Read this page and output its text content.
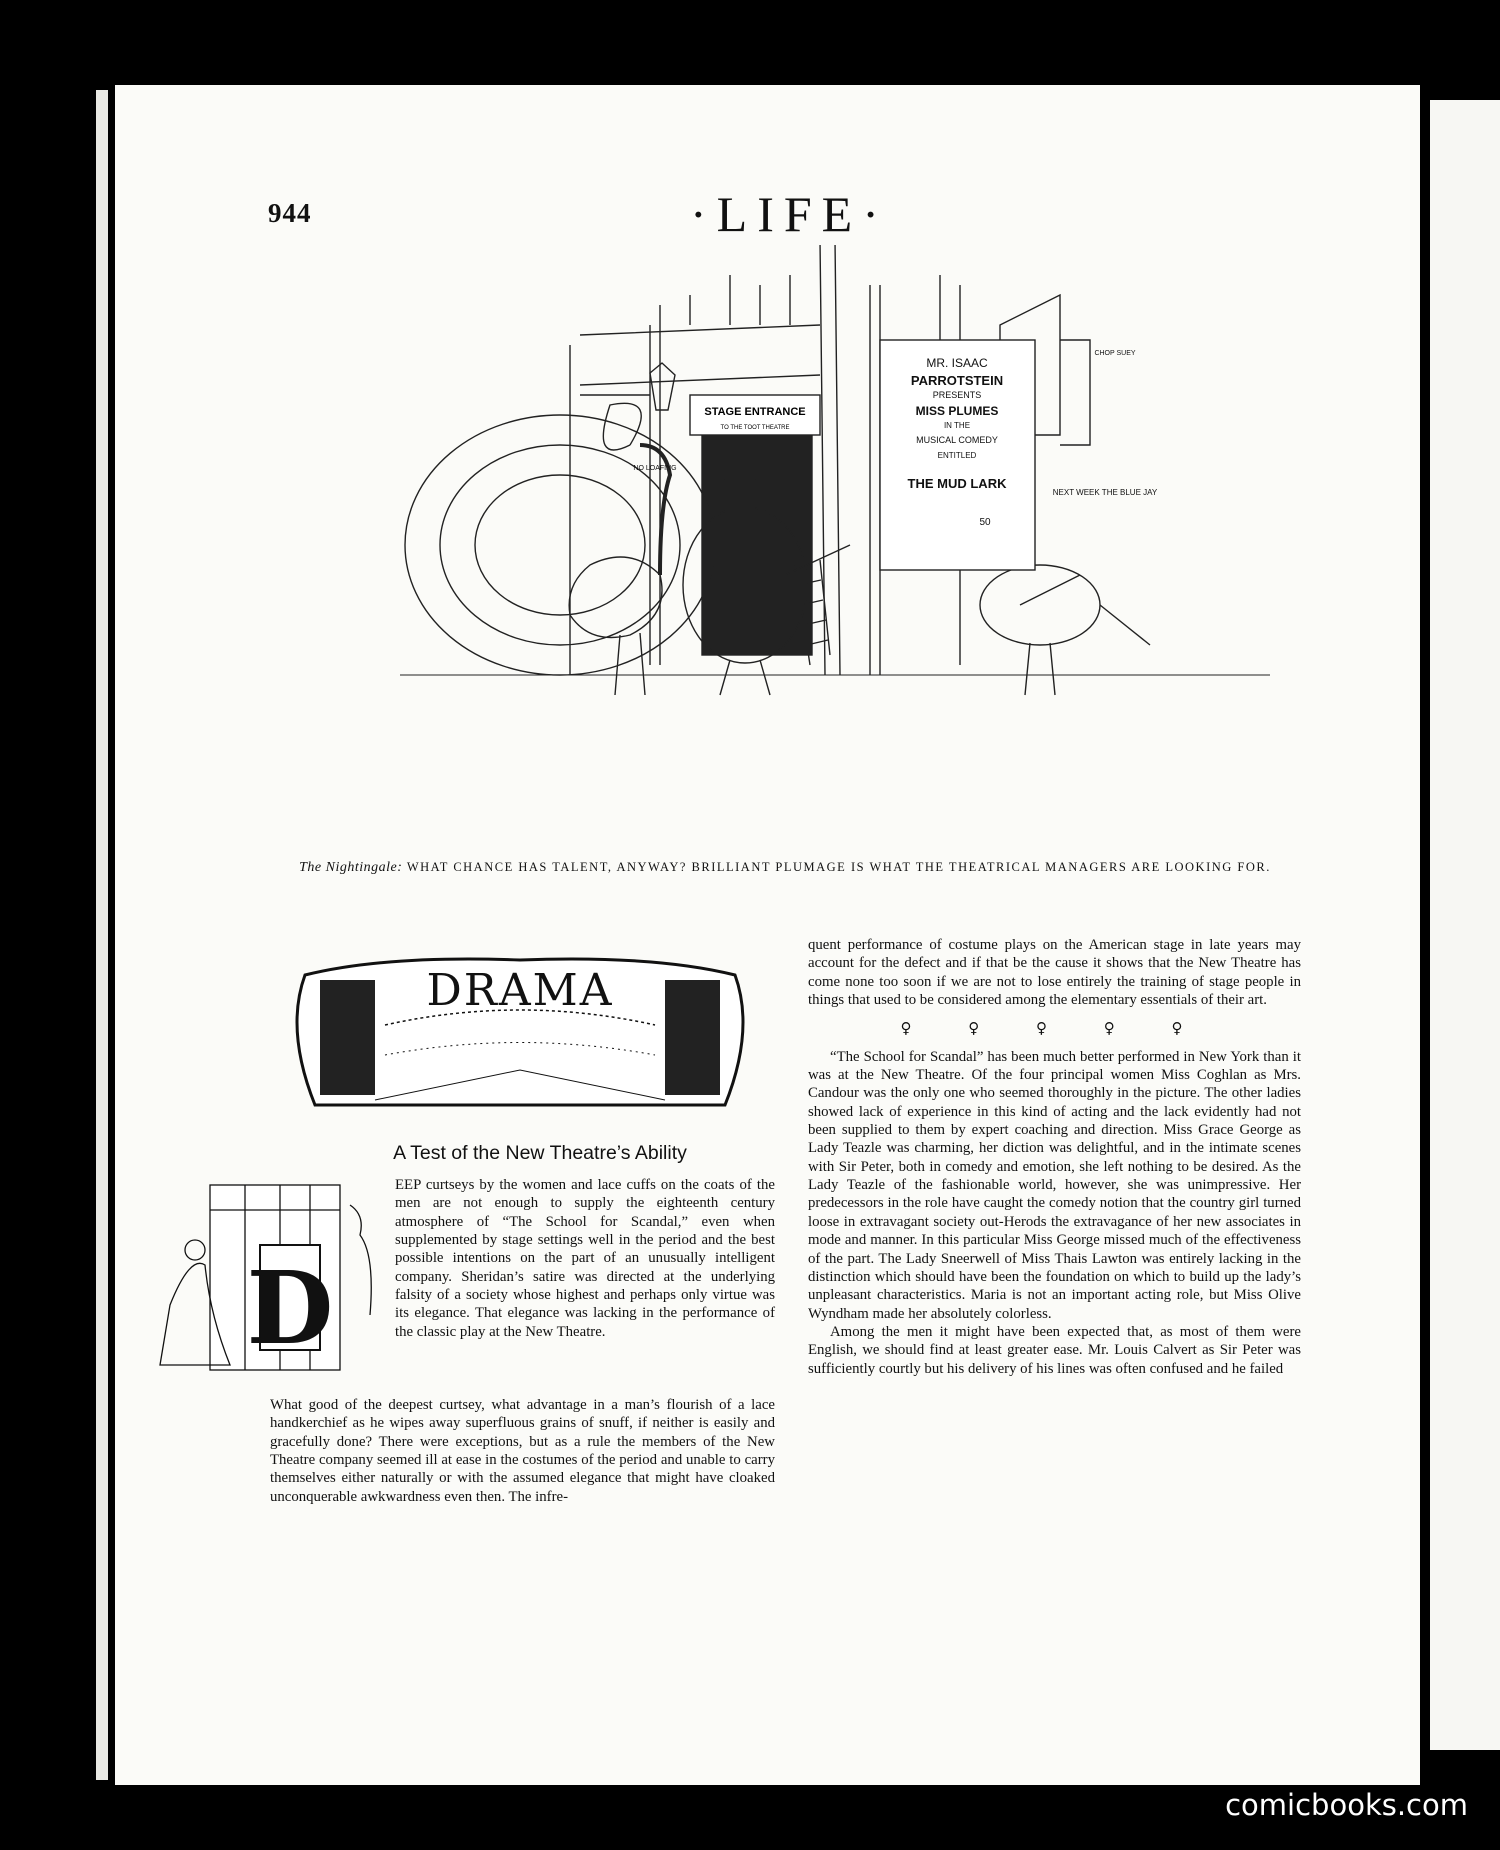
944	·LIFE·
STAGE ENTRANCE
TO THE TOOT THEATRE
MR. ISAAC
PARROTSTEIN
PRESENTS
MISS PLUMES
IN THE
MUSICAL COMEDY
ENTITLED
THE MUD LARK
50
NEXT WEEK THE BLUE JAY
NO LOAFING
CHOP SUEY
The Nightingale: WHAT CHANCE HAS TALENT, ANYWAY? BRILLIANT PLUMAGE IS WHAT THE THEATRICAL MANAGERS ARE LOOKING FOR.
DRAMA
A Test of the New Theatre’s Ability
D

EEP curtseys by the women and lace cuffs on the coats of the men are not enough to supply the eighteenth century atmosphere of “The School for Scandal,” even when supplemented by stage settings well in the period and the best possible intentions on the part of an unusually intelligent company. Sheridan’s satire was directed at the underlying falsity of a society whose highest and perhaps only virtue was its elegance. That elegance was lacking in the performance of the classic play at the New Theatre.

What good of the deepest curtsey, what advantage in a man’s flourish of a lace handkerchief as he wipes away superfluous grains of snuff, if neither is easily and gracefully done? There were exceptions, but as a rule the members of the New Theatre company seemed ill at ease in the costumes of the period and unable to carry themselves either naturally or with the assumed elegance that might have cloaked unconquerable awkwardness even then. The infre-

quent performance of costume plays on the American stage in late years may account for the defect and if that be the cause it shows that the New Theatre has come none too soon if we are not to lose entirely the training of stage people in things that used to be considered among the elementary essentials of their art.

♀ ♀ ♀ ♀ ♀

“The School for Scandal” has been much better performed in New York than it was at the New Theatre. Of the four principal women Miss Coghlan as Mrs. Candour was the only one who seemed thoroughly in the picture. The other ladies showed lack of experience in this kind of acting and the lack evidently had not been supplied to them by expert coaching and direction. Miss Grace George as Lady Teazle was charming, her diction was delightful, and in the intimate scenes with Sir Peter, both in comedy and emotion, she left nothing to be desired. As the Lady Teazle of the fashionable world, however, she was unimpressive. Her predecessors in the role have caught the comedy notion that the country girl turned loose in extravagant society out-Herods the extravagance of her new associates in mode and manner. In this particular Miss George missed much of the effectiveness of the part. The Lady Sneerwell of Miss Thais Lawton was entirely lacking in the distinction which should have been the foundation on which to build up the lady’s unpleasant characteristics. Maria is not an important acting role, but Miss Olive Wyndham made her absolutely colorless.

Among the men it might have been expected that, as most of them were English, we should find at least greater ease. Mr. Louis Calvert as Sir Peter was sufficiently courtly but his delivery of his lines was often confused and he failed

comicbooks.com
